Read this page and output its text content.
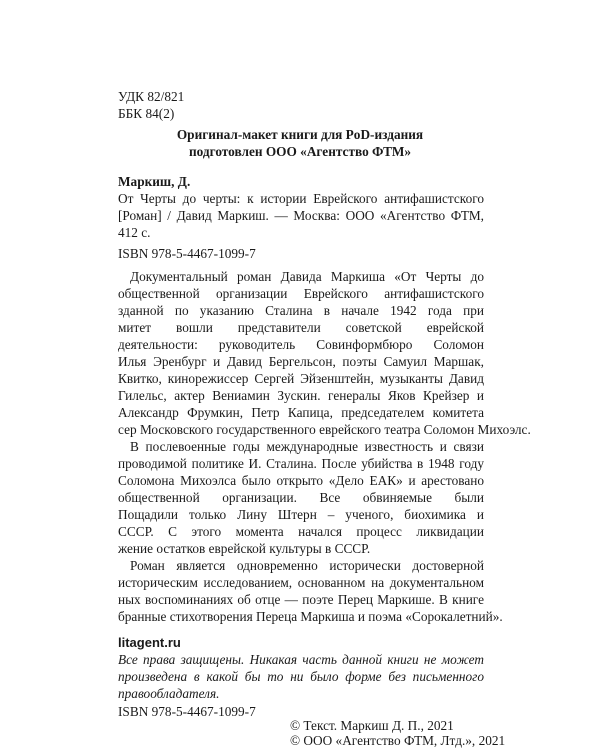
УДК 82/821
ББК 84(2)
Оригинал-макет книги для PoD-издания
подготовлен ООО «Агентство ФТМ»
Маркиш, Д.
От Черты до черты: к истории Еврейского антифашистского
[Роман] / Давид Маркиш. — Москва: ООО «Агентство ФТМ,
412 с.
ISBN 978-5-4467-1099-7
Документальный роман Давида Маркиша «От Черты до
общественной организации Еврейского антифашистского
зданной по указанию Сталина в начале 1942 года при
митет вошли представители советской еврейской
деятельности: руководитель Совинформбюро Соломон
Илья Эренбург и Давид Бергельсон, поэты Самуил Маршак,
Квитко, кинорежиссер Сергей Эйзенштейн, музыканты Давид
Гилельс, актер Вениамин Зускин. генералы Яков Крейзер и
Александр Фрумкин, Петр Капица, председателем комитета
сер Московского государственного еврейского театра Соломон Михоэлс.
В послевоенные годы международные известность и связи
проводимой политике И. Сталина. После убийства в 1948 году
Соломона Михоэлса было открыто «Дело ЕАК» и арестовано
общественной организации. Все обвиняемые были
Пощадили только Лину Штерн – ученого, биохимика и
СССР. С этого момента начался процесс ликвидации
жение остатков еврейской культуры в СССР.
Роман является одновременно исторически достоверной
историческим исследованием, основанном на документальном
ных воспоминаниях об отце — поэте Перец Маркише. В книге
бранные стихотворения Переца Маркиша и поэма «Сорокалетний».
litagent.ru
Все права защищены. Никакая часть данной книги не может
произведена в какой бы то ни было форме без письменного
правообладателя.
ISBN 978-5-4467-1099-7
© Текст. Маркиш Д. П., 2021
© ООО «Агентство ФТМ, Лтд.», 2021
